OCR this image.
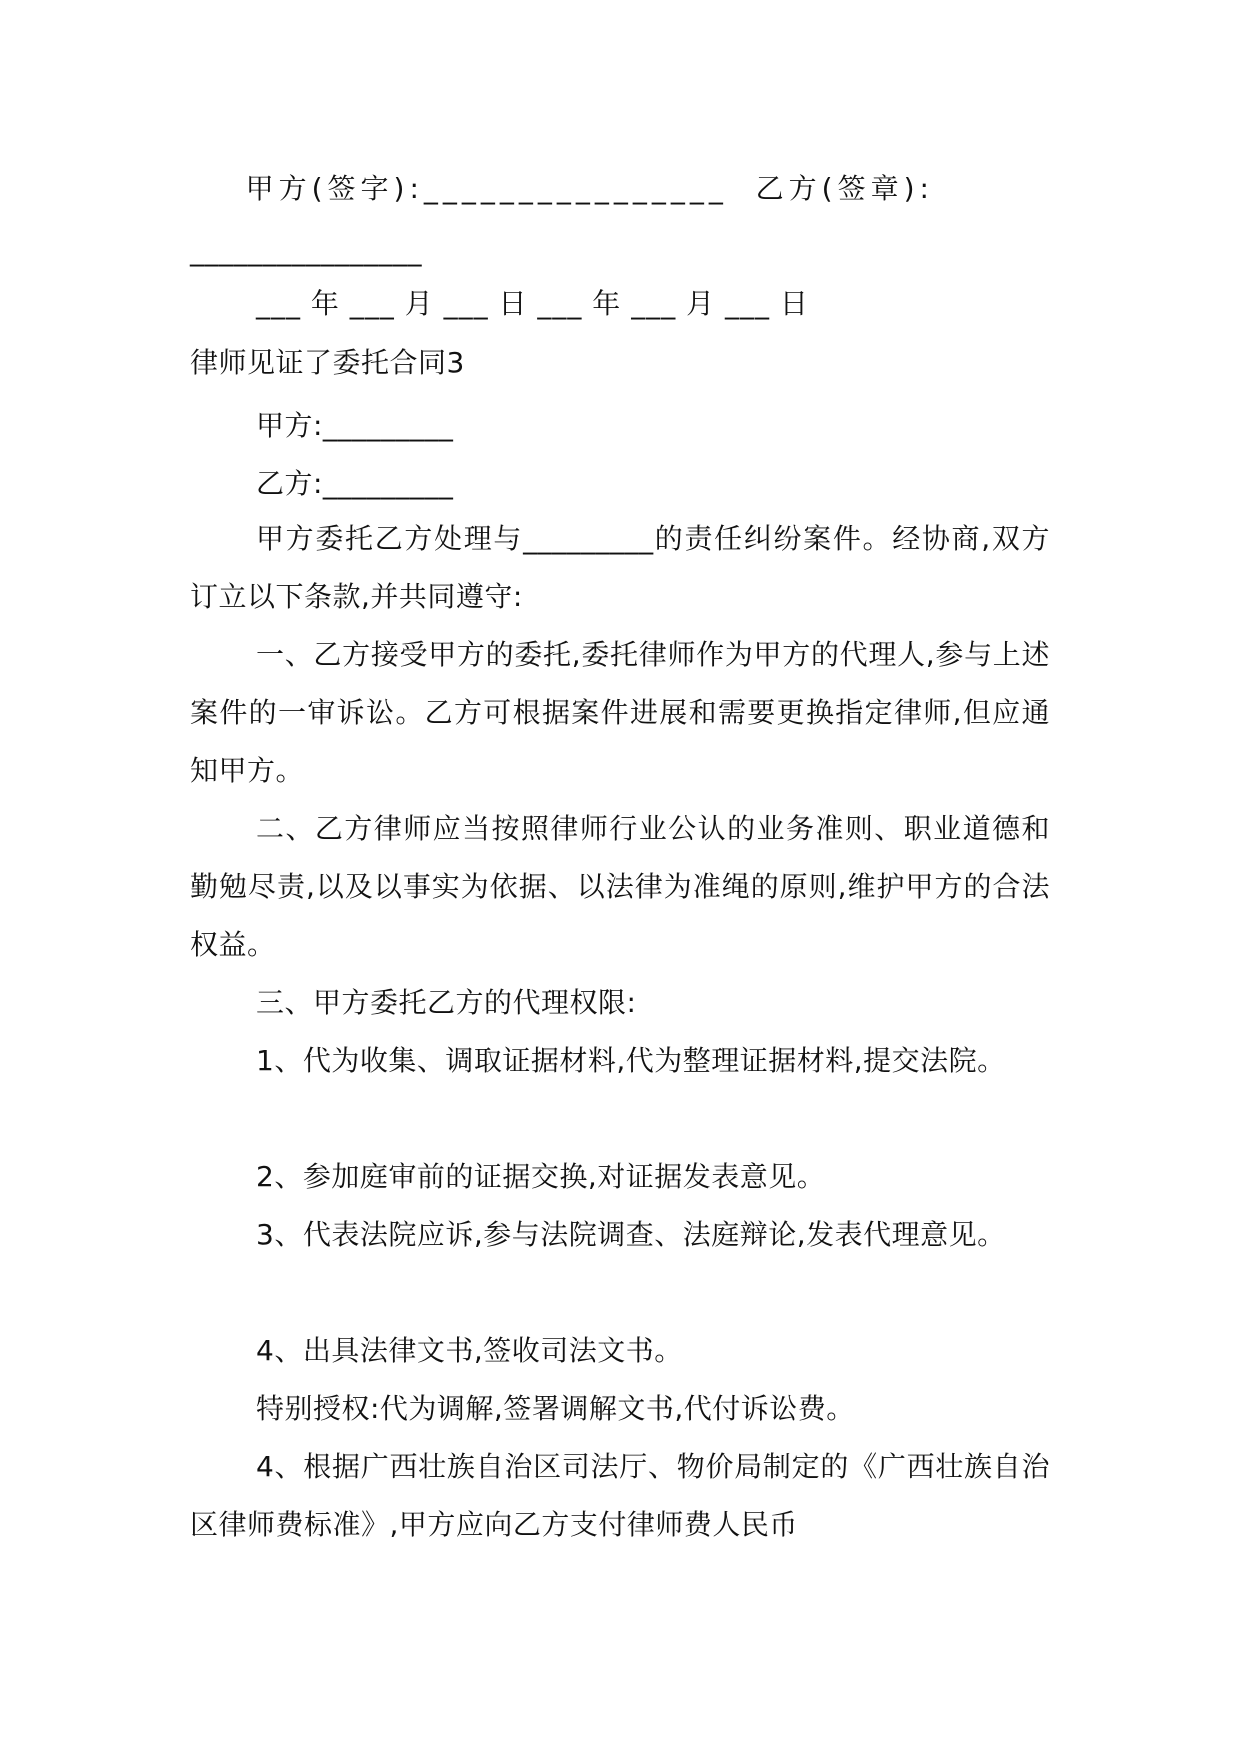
甲方(签字):________________  乙方(签章):
________________
___ 年 ___ 月 ___ 日 ___ 年 ___ 月 ___ 日
律师见证了委托合同3
甲方:_________
乙方:_________
甲方委托乙方处理与_________的责任纠纷案件。经协商,双方订立以下条款,并共同遵守:
一、乙方接受甲方的委托,委托律师作为甲方的代理人,参与上述案件的一审诉讼。乙方可根据案件进展和需要更换指定律师,但应通知甲方。
二、乙方律师应当按照律师行业公认的业务准则、职业道德和勤勉尽责,以及以事实为依据、以法律为准绳的原则,维护甲方的合法权益。
三、甲方委托乙方的代理权限:
1、代为收集、调取证据材料,代为整理证据材料,提交法院。
2、参加庭审前的证据交换,对证据发表意见。
3、代表法院应诉,参与法院调查、法庭辩论,发表代理意见。
4、出具法律文书,签收司法文书。
特别授权:代为调解,签署调解文书,代付诉讼费。
4、根据广西壮族自治区司法厅、物价局制定的《广西壮族自治区律师费标准》,甲方应向乙方支付律师费人民币
